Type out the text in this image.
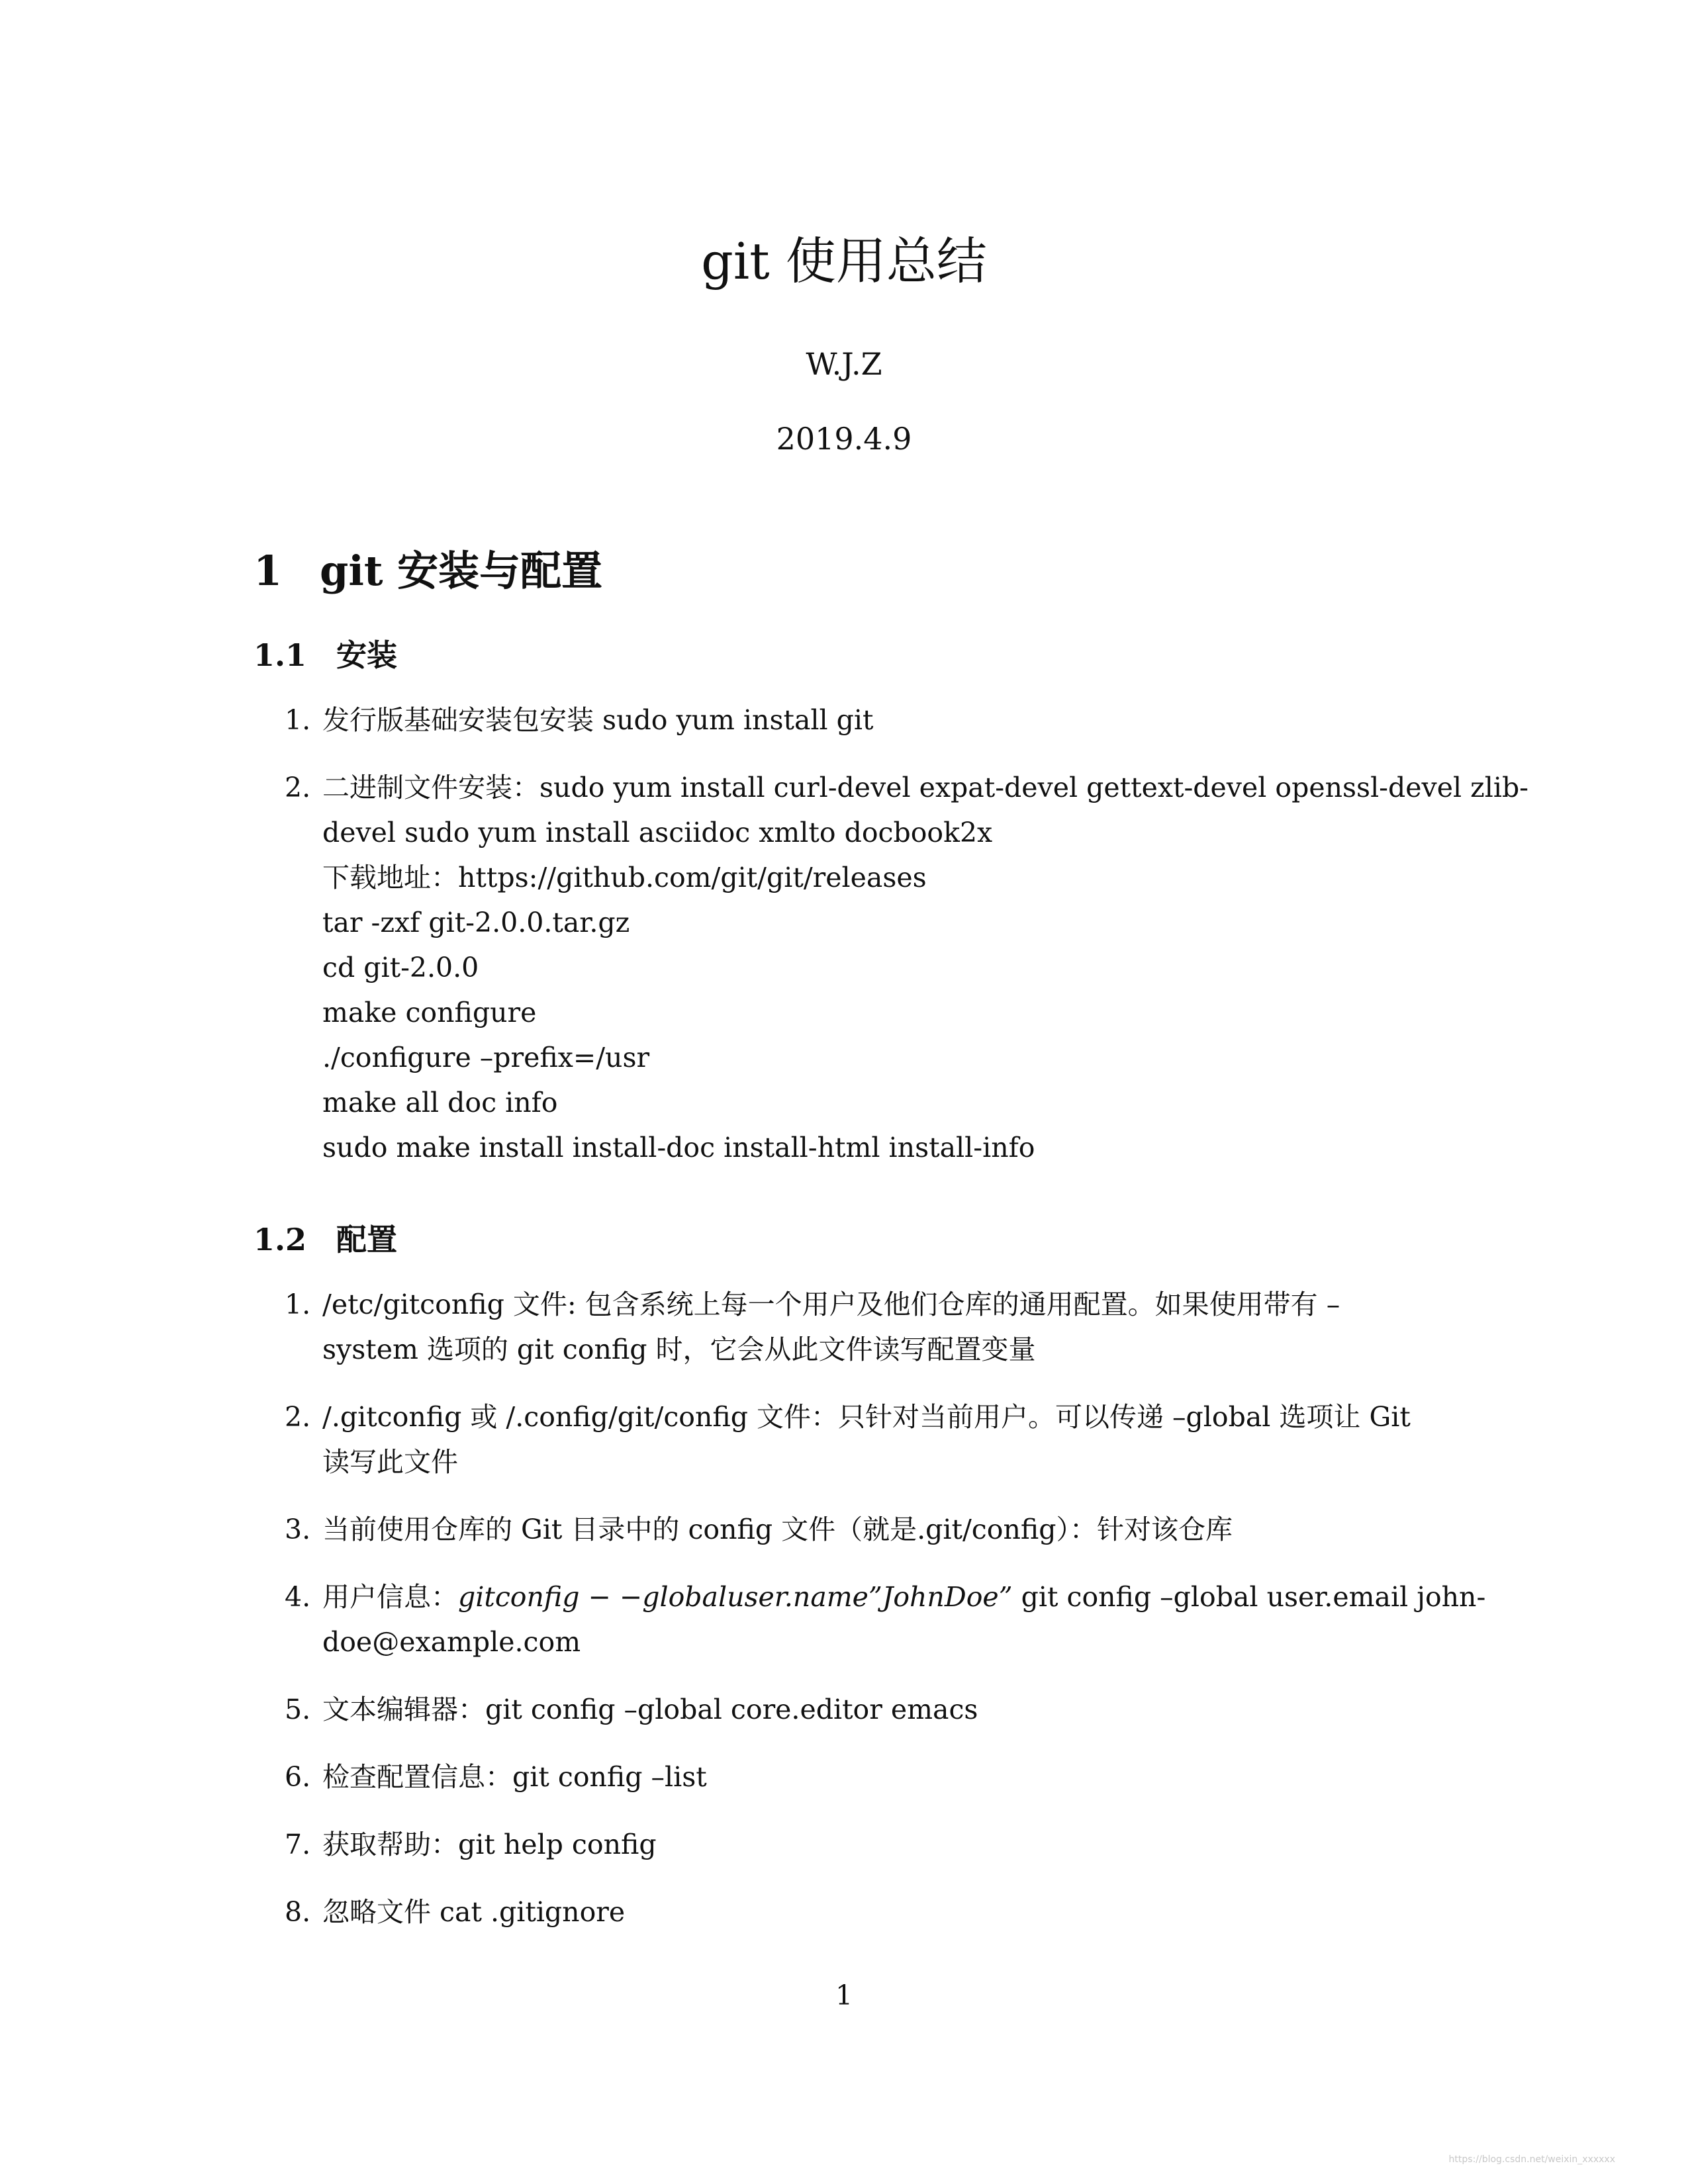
git 使用总结
W.J.Z
2019.4.9
1 git 安装与配置
1.1 安装
1. 发行版基础安装包安装 sudo yum install git
2. 二进制文件安装：sudo yum install curl-devel expat-devel gettext-devel openssl-devel zlib-
devel sudo yum install asciidoc xmlto docbook2x
下载地址：https://github.com/git/git/releases
tar -zxf git-2.0.0.tar.gz
cd git-2.0.0
make configure
./configure –prefix=/usr
make all doc info
sudo make install install-doc install-html install-info
1.2 配置
1. /etc/gitconfig 文件: 包含系统上每一个用户及他们仓库的通用配置。如果使用带有 –
system 选项的 git config 时，它会从此文件读写配置变量
2. /.gitconfig 或 /.config/git/config 文件：只针对当前用户。可以传递 –global 选项让 Git
读写此文件
3. 当前使用仓库的 Git 目录中的 config 文件（就是.git/config）：针对该仓库
4. 用户信息：gitconfig − −globaluser.name”JohnDoe” git config –global user.email john-
doe@example.com
5. 文本编辑器：git config –global core.editor emacs
6. 检查配置信息：git config –list
7. 获取帮助：git help config
8. 忽略文件 cat .gitignore
1
https://blog.csdn.net/weixin_xxxxxx
